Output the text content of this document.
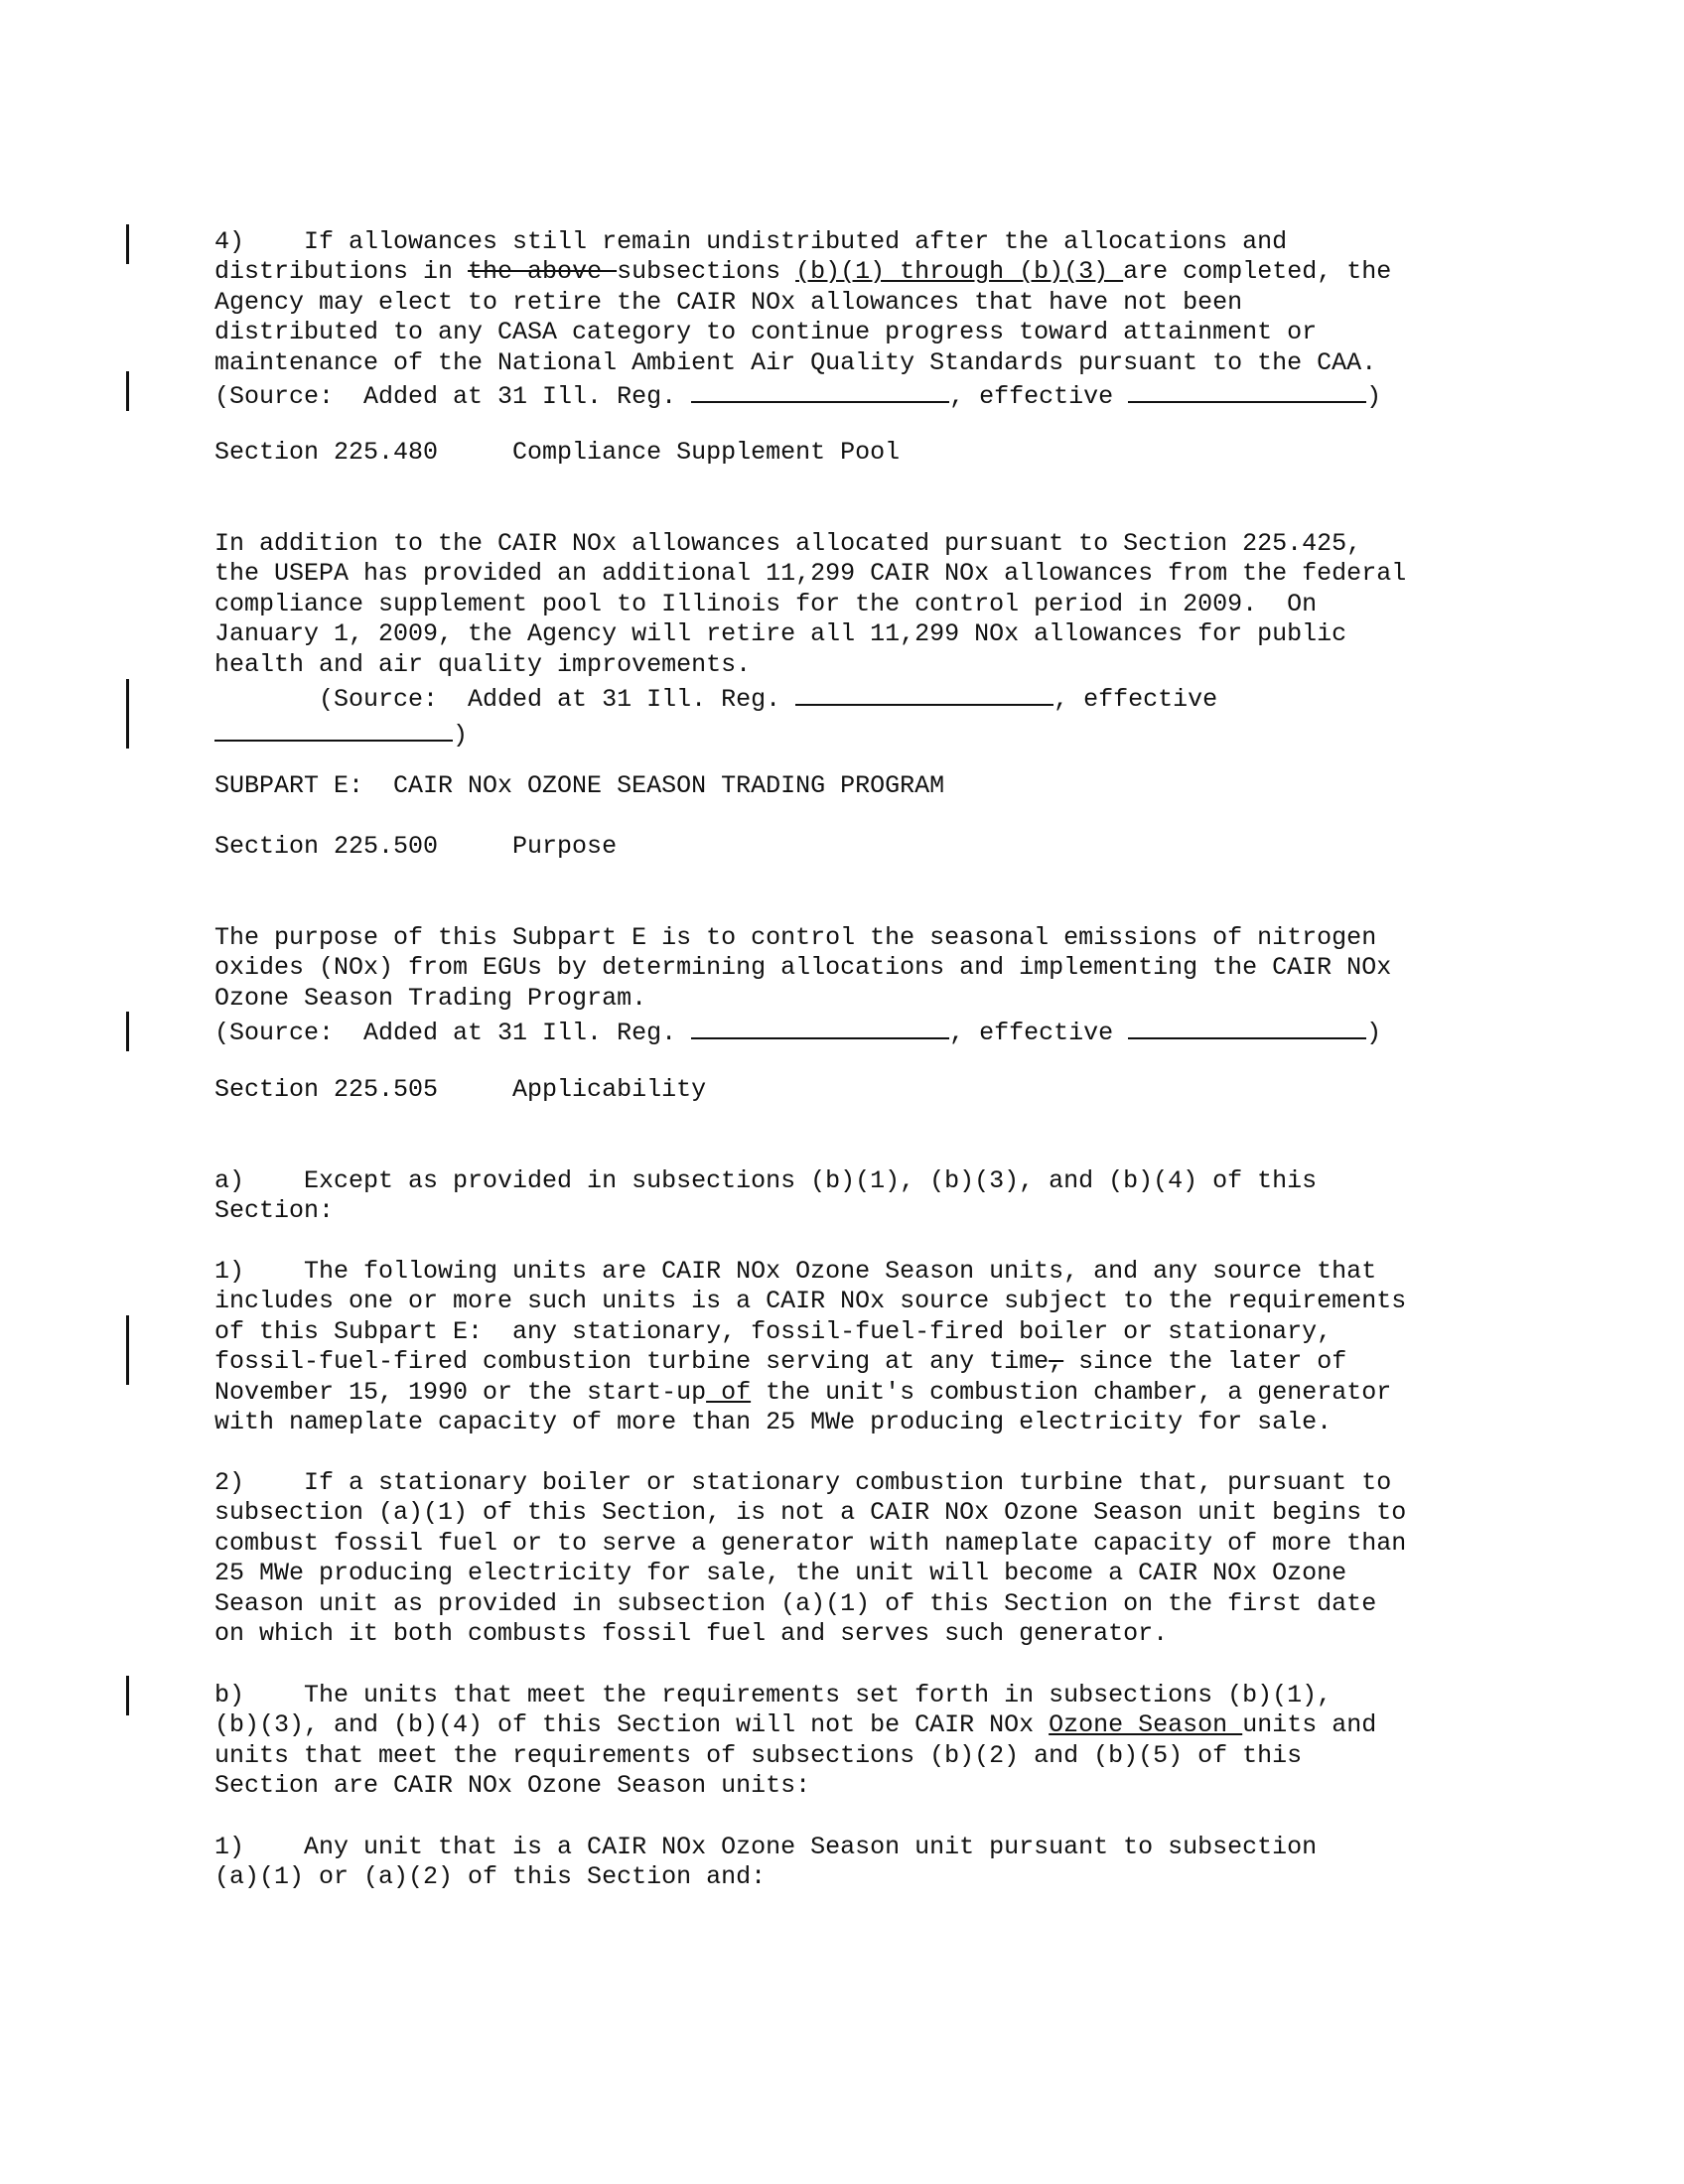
4)    If allowances still remain undistributed after the allocations and
distributions in the above subsections (b)(1) through (b)(3) are completed, the
Agency may elect to retire the CAIR NOx allowances that have not been
distributed to any CASA category to continue progress toward attainment or
maintenance of the National Ambient Air Quality Standards pursuant to the CAA.
(Source:  Added at 31 Ill. Reg.	, effective	)
Section 225.480     Compliance Supplement Pool

In addition to the CAIR NOx allowances allocated pursuant to Section 225.425,
the USEPA has provided an additional 11,299 CAIR NOx allowances from the federal
compliance supplement pool to Illinois for the control period in 2009.  On
January 1, 2009, the Agency will retire all 11,299 NOx allowances for public
health and air quality improvements.
(Source:  Added at 31 Ill. Reg.	, effective
)
SUBPART E:  CAIR NOx OZONE SEASON TRADING PROGRAM
Section 225.500     Purpose

The purpose of this Subpart E is to control the seasonal emissions of nitrogen
oxides (NOx) from EGUs by determining allocations and implementing the CAIR NOx
Ozone Season Trading Program.
(Source:  Added at 31 Ill. Reg.	, effective	)
Section 225.505     Applicability

a)    Except as provided in subsections (b)(1), (b)(3), and (b)(4) of this
Section:

1)    The following units are CAIR NOx Ozone Season units, and any source that
includes one or more such units is a CAIR NOx source subject to the requirements
of this Subpart E:  any stationary, fossil-fuel-fired boiler or stationary,
fossil-fuel-fired combustion turbine serving at any time, since the later of
November 15, 1990 or the start-up of the unit's combustion chamber, a generator
with nameplate capacity of more than 25 MWe producing electricity for sale.

2)    If a stationary boiler or stationary combustion turbine that, pursuant to
subsection (a)(1) of this Section, is not a CAIR NOx Ozone Season unit begins to
combust fossil fuel or to serve a generator with nameplate capacity of more than
25 MWe producing electricity for sale, the unit will become a CAIR NOx Ozone
Season unit as provided in subsection (a)(1) of this Section on the first date
on which it both combusts fossil fuel and serves such generator.

b)    The units that meet the requirements set forth in subsections (b)(1),
(b)(3), and (b)(4) of this Section will not be CAIR NOx Ozone Season units and
units that meet the requirements of subsections (b)(2) and (b)(5) of this
Section are CAIR NOx Ozone Season units:

1)    Any unit that is a CAIR NOx Ozone Season unit pursuant to subsection
(a)(1) or (a)(2) of this Section and:
